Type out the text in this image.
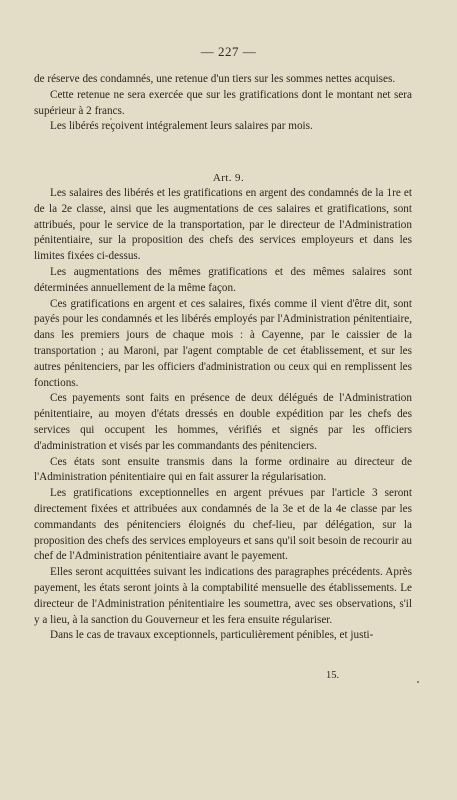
— 227 —

de réserve des condamnés, une retenue d'un tiers sur les sommes nettes acquises.

Cette retenue ne sera exercée que sur les gratifications dont le montant net sera supérieur à 2 francs.

Les libérés reçoivent intégralement leurs salaires par mois.

Art. 9.

Les salaires des libérés et les gratifications en argent des condamnés de la 1re et de la 2e classe, ainsi que les augmentations de ces salaires et gratifications, sont attribués, pour le service de la transportation, par le directeur de l'Administration pénitentiaire, sur la proposition des chefs des services employeurs et dans les limites fixées ci-dessus.

Les augmentations des mêmes gratifications et des mêmes salaires sont déterminées annuellement de la même façon.

Ces gratifications en argent et ces salaires, fixés comme il vient d'être dit, sont payés pour les condamnés et les libérés employés par l'Administration pénitentiaire, dans les premiers jours de chaque mois : à Cayenne, par le caissier de la transportation ; au Maroni, par l'agent comptable de cet établissement, et sur les autres pénitenciers, par les officiers d'administration ou ceux qui en remplissent les fonctions.

Ces payements sont faits en présence de deux délégués de l'Administration pénitentiaire, au moyen d'états dressés en double expédition par les chefs des services qui occupent les hommes, vérifiés et signés par les officiers d'administration et visés par les commandants des pénitenciers.

Ces états sont ensuite transmis dans la forme ordinaire au directeur de l'Administration pénitentiaire qui en fait assurer la régularisation.

Les gratifications exceptionnelles en argent prévues par l'article 3 seront directement fixées et attribuées aux condamnés de la 3e et de la 4e classe par les commandants des pénitenciers éloignés du chef-lieu, par délégation, sur la proposition des chefs des services employeurs et sans qu'il soit besoin de recourir au chef de l'Administration pénitentiaire avant le payement.

Elles seront acquittées suivant les indications des paragraphes précédents. Après payement, les états seront joints à la comptabilité mensuelle des établissements. Le directeur de l'Administration pénitentiaire les soumettra, avec ses observations, s'il y a lieu, à la sanction du Gouverneur et les fera ensuite régulariser.

Dans le cas de travaux exceptionnels, particulièrement pénibles, et justi-

15.
